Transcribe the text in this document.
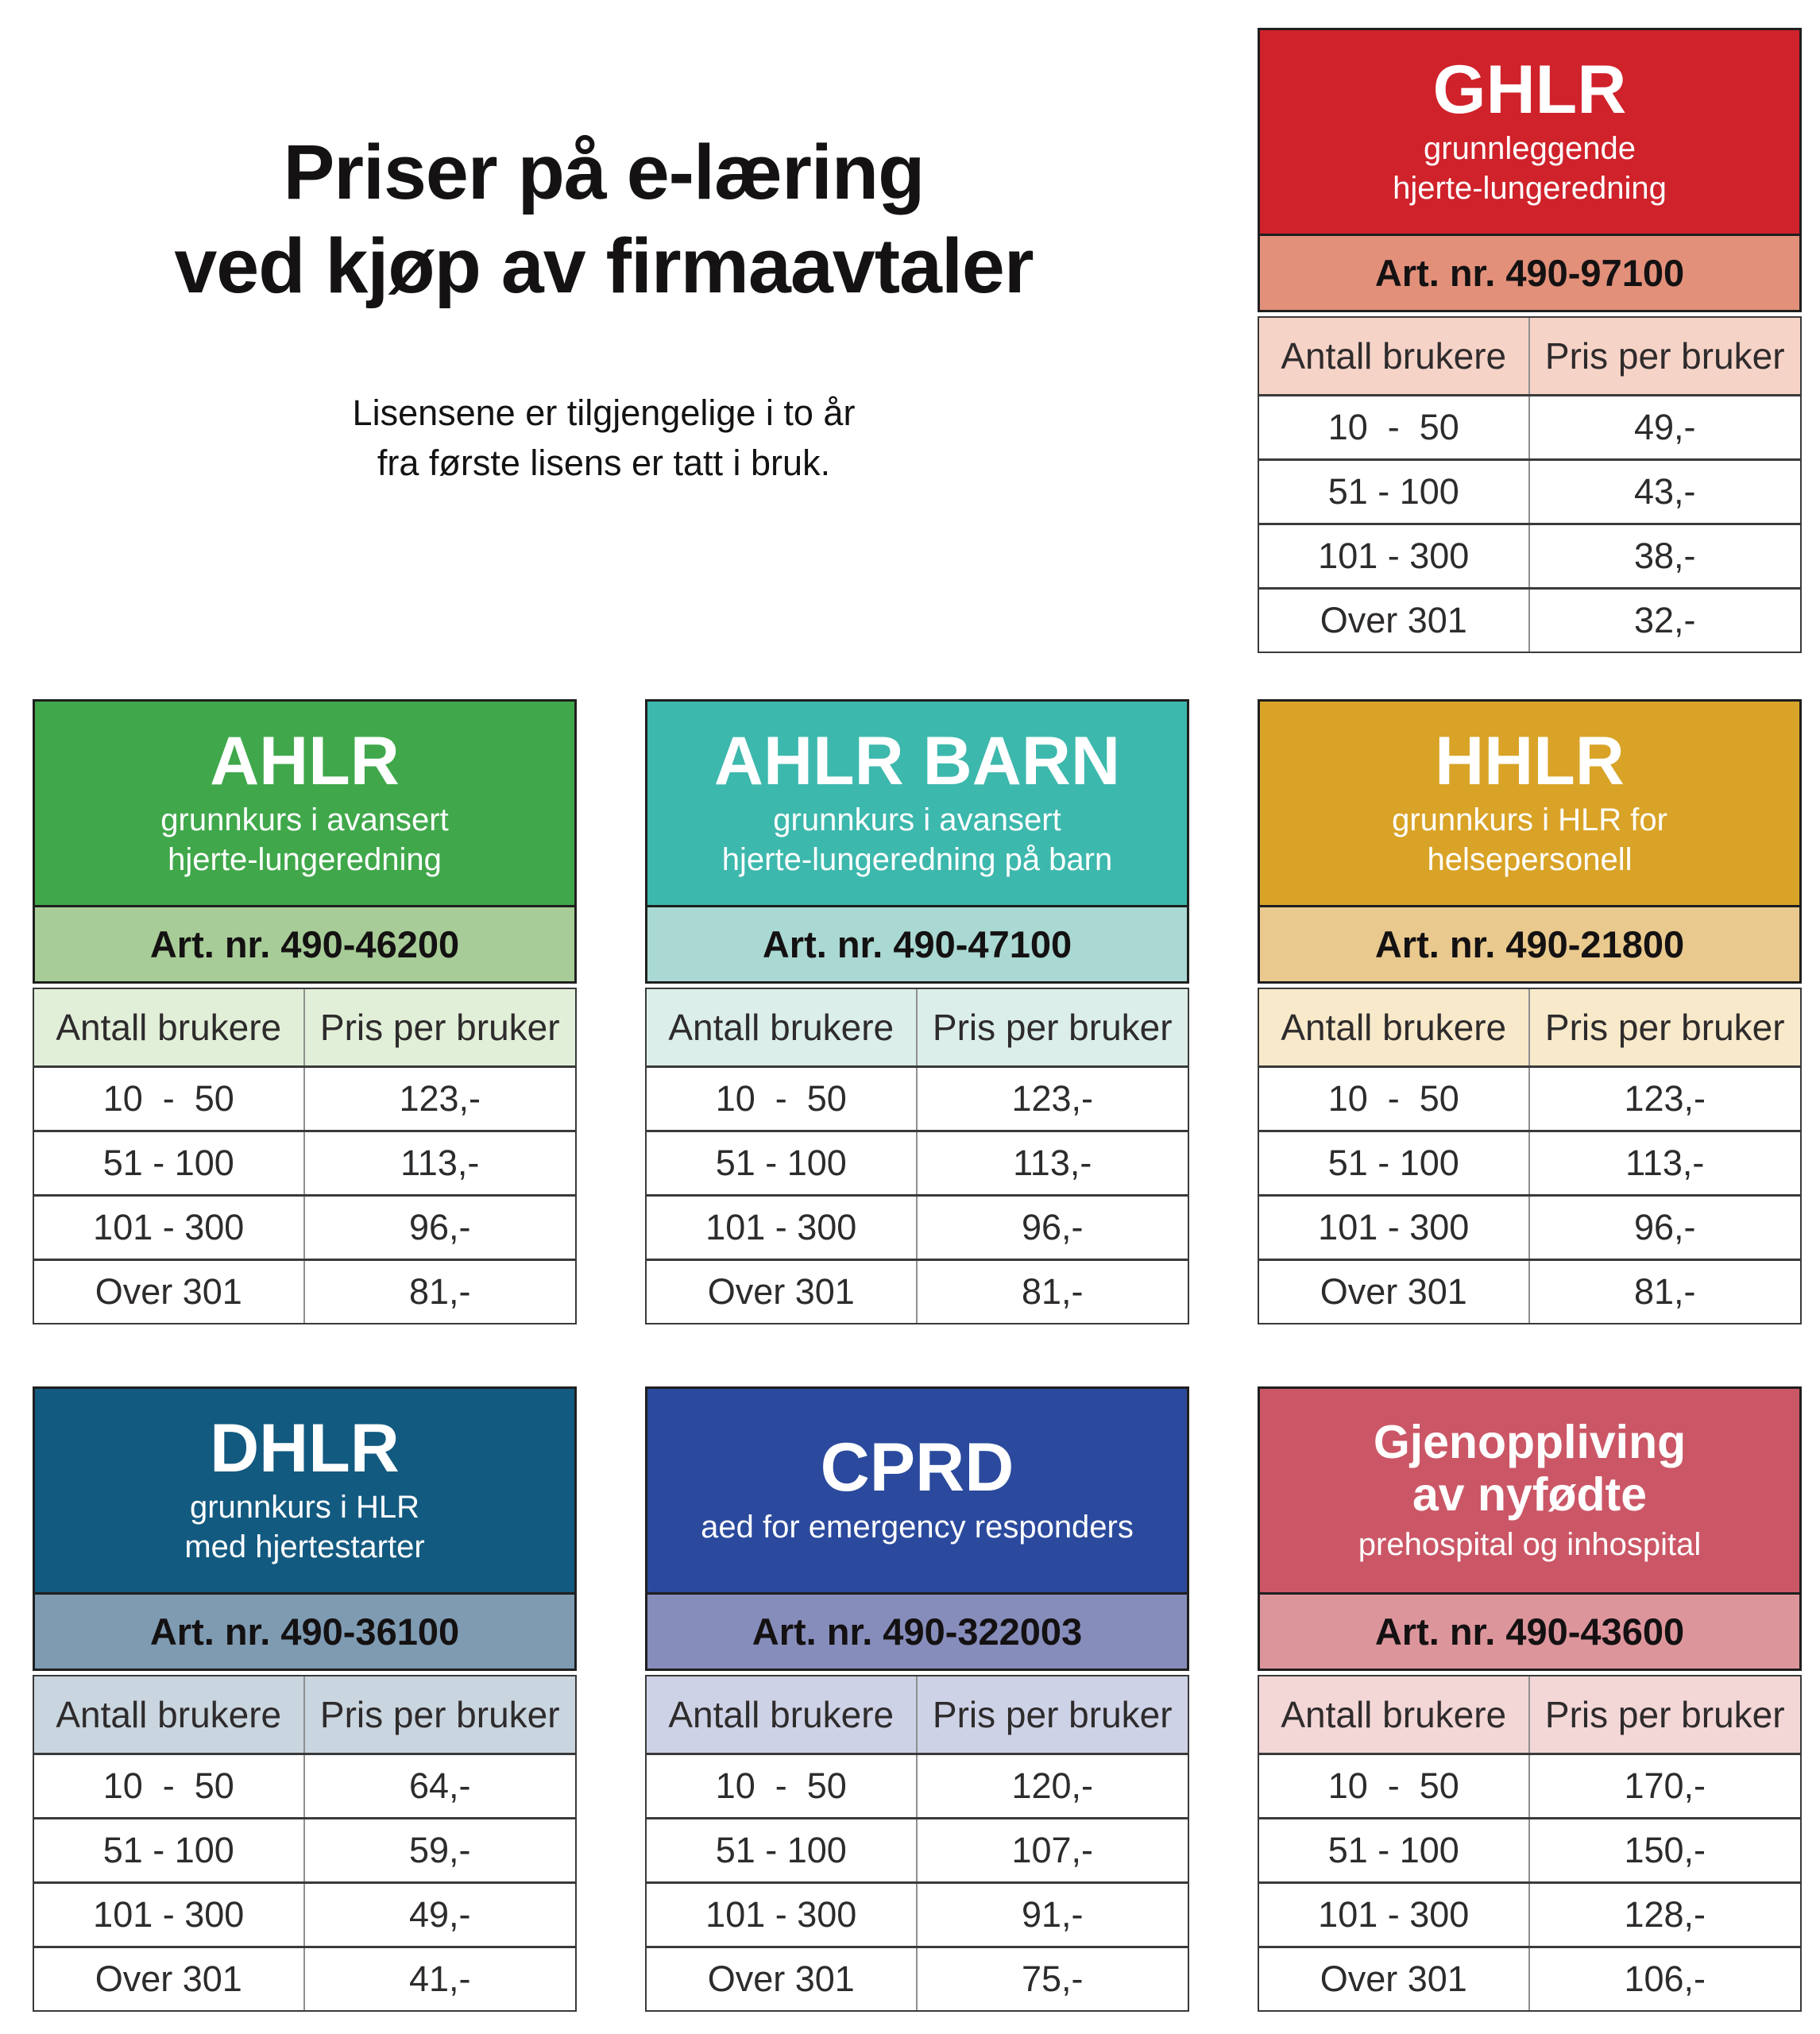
Priser på e-læring
ved kjøp av firmaavtaler
Lisensene er tilgjengelige i to år
fra første lisens er tatt i bruk.
GHLR
grunnleggende
hjerte-lungeredning
Art. nr. 490-97100
Antall brukere	Pris per bruker
10  -  50	49,-
51 - 100	43,-
101 - 300	38,-
Over 301	32,-
AHLR
grunnkurs i avansert
hjerte-lungeredning
Art. nr. 490-46200
Antall brukere	Pris per bruker
10  -  50	123,-
51 - 100	113,-
101 - 300	96,-
Over 301	81,-
AHLR BARN
grunnkurs i avansert
hjerte-lungeredning på barn
Art. nr. 490-47100
Antall brukere	Pris per bruker
10  -  50	123,-
51 - 100	113,-
101 - 300	96,-
Over 301	81,-
HHLR
grunnkurs i HLR for
helsepersonell
Art. nr. 490-21800
Antall brukere	Pris per bruker
10  -  50	123,-
51 - 100	113,-
101 - 300	96,-
Over 301	81,-
DHLR
grunnkurs i HLR
med hjertestarter
Art. nr. 490-36100
Antall brukere	Pris per bruker
10  -  50	64,-
51 - 100	59,-
101 - 300	49,-
Over 301	41,-
CPRD
aed for emergency responders
Art. nr. 490-322003
Antall brukere	Pris per bruker
10  -  50	120,-
51 - 100	107,-
101 - 300	91,-
Over 301	75,-
Gjenoppliving
av nyfødte
prehospital og inhospital
Art. nr. 490-43600
Antall brukere	Pris per bruker
10  -  50	170,-
51 - 100	150,-
101 - 300	128,-
Over 301	106,-
